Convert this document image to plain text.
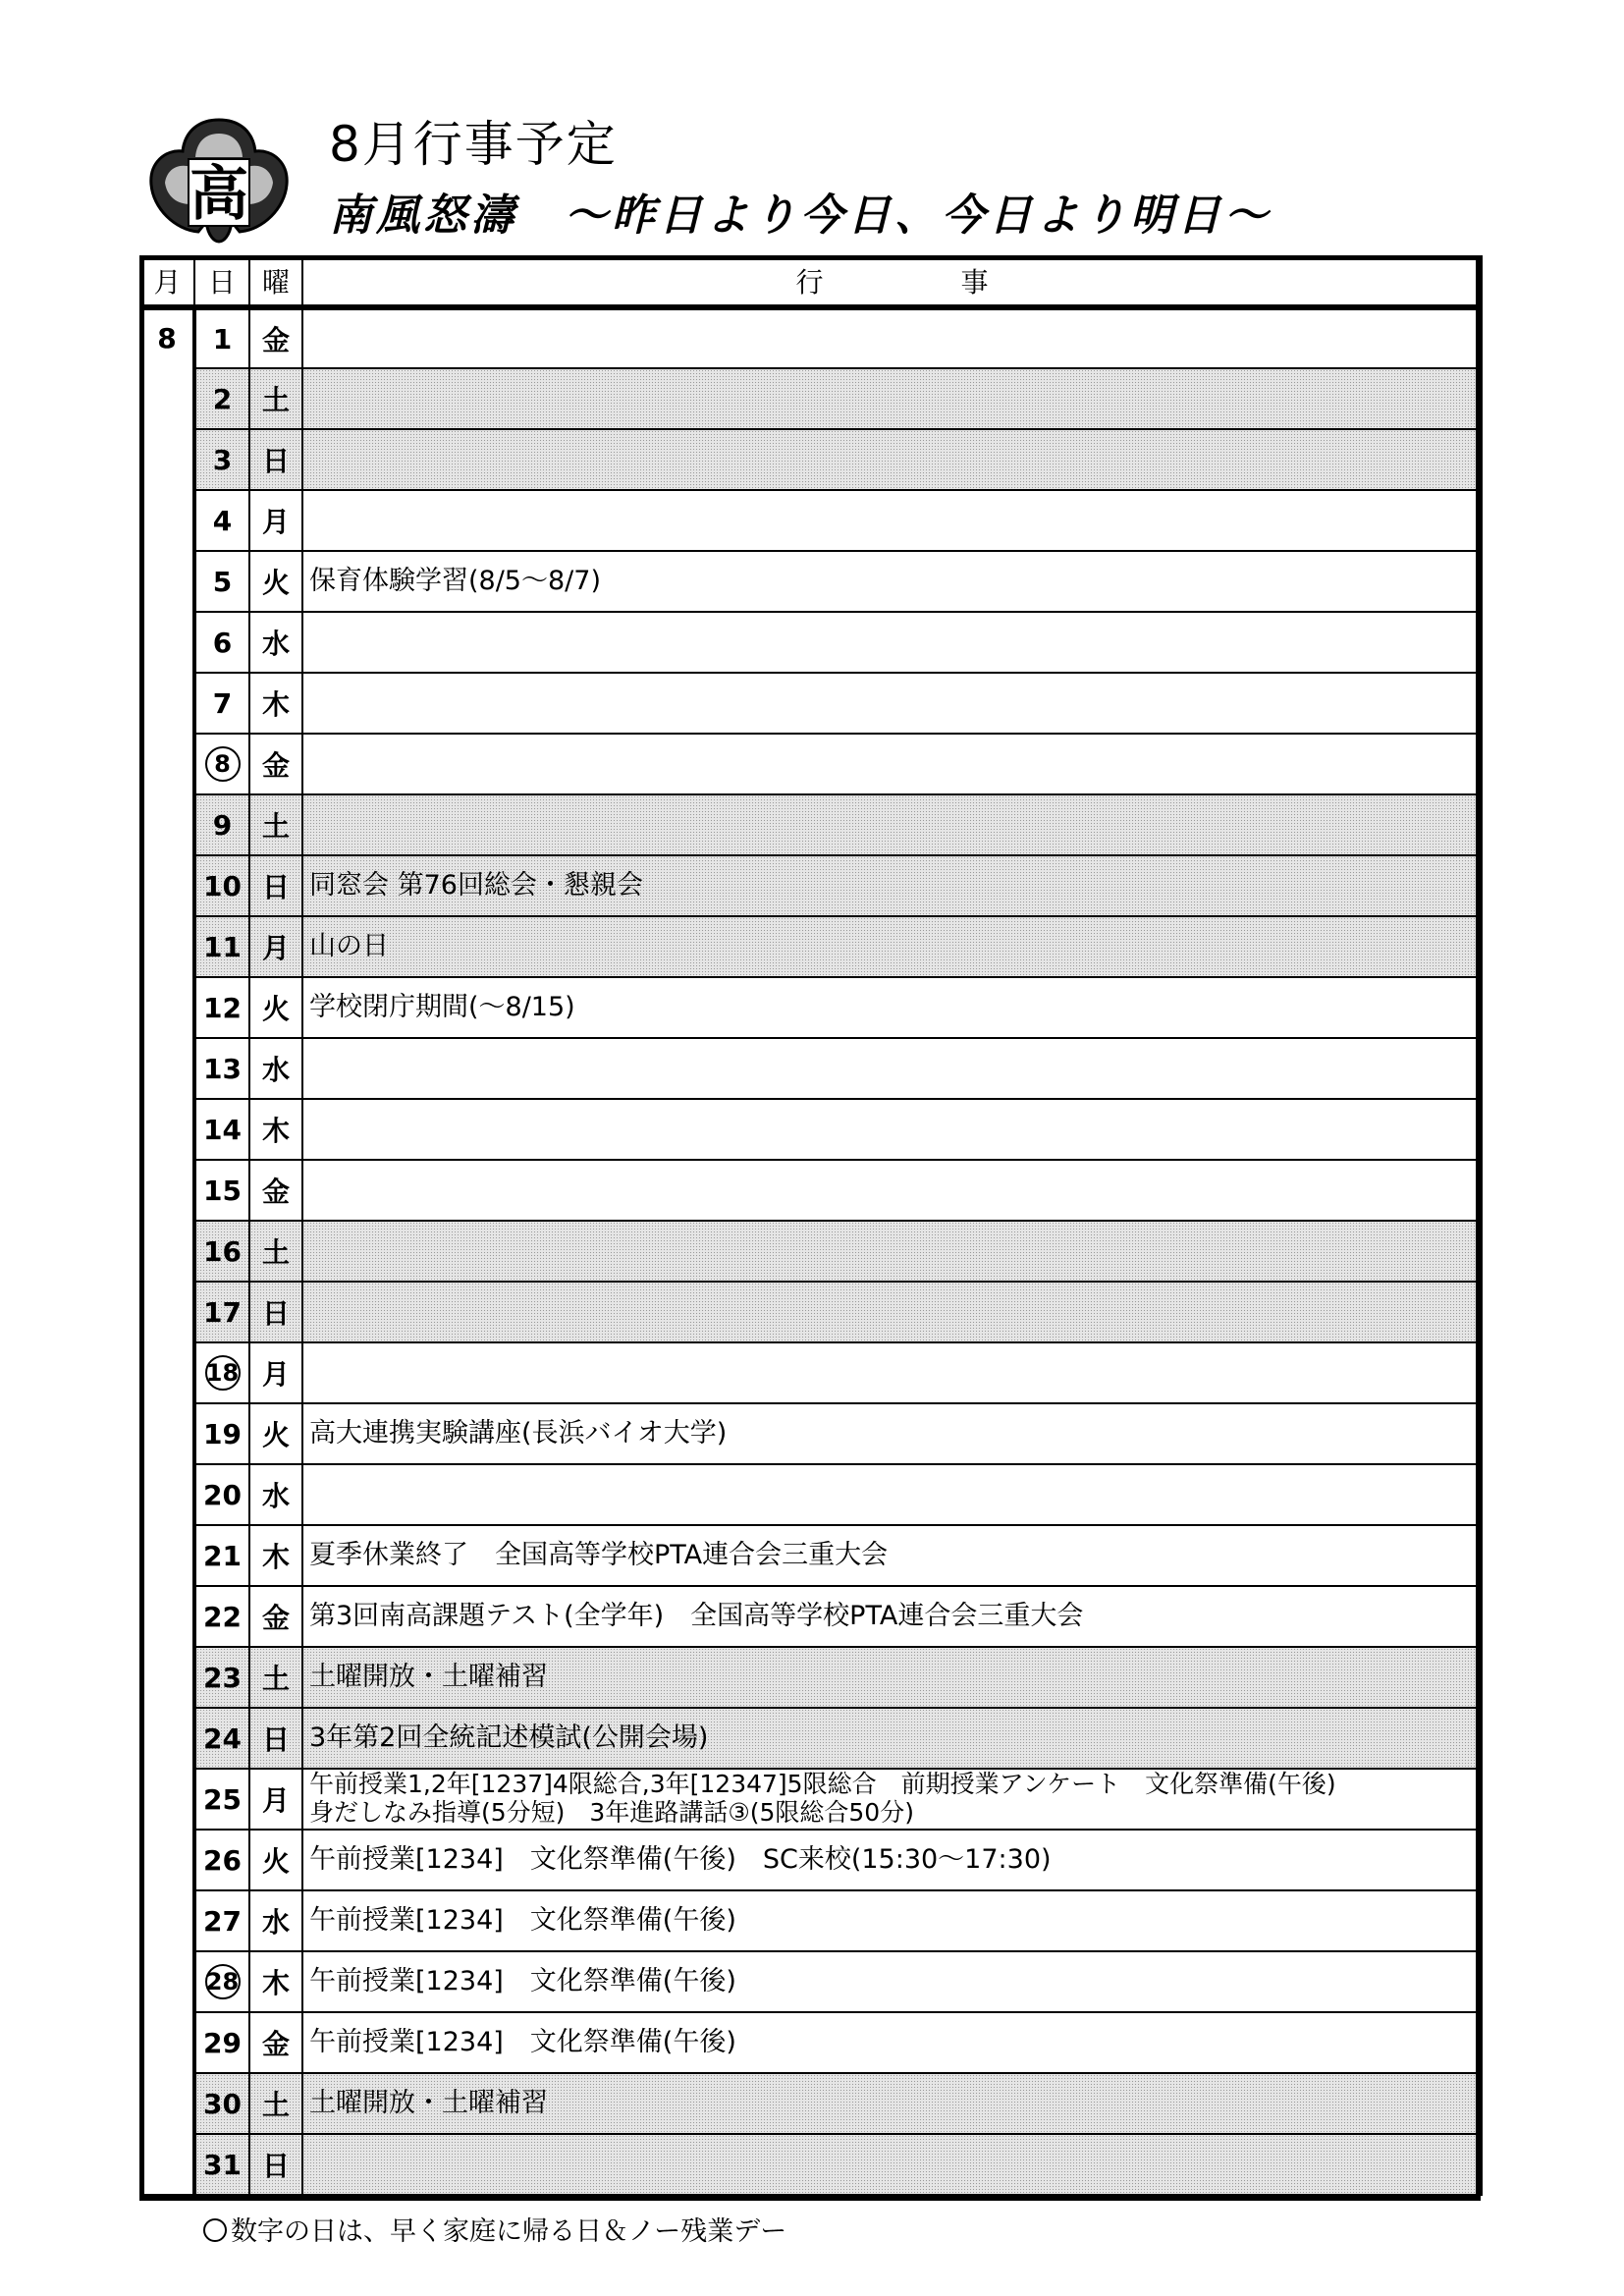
高
8月行事予定
南風怒濤　～昨日より今日、今日より明日～
月	日	曜	行　　　　　事
8	1	金	
	2	土	
	3	日	
	4	月	
	5	火	保育体験学習(8/5～8/7)
	6	水	
	7	木	
	8	金	
	9	土	
	10	日	同窓会 第76回総会・懇親会
	11	月	山の日
	12	火	学校閉庁期間(～8/15)
	13	水	
	14	木	
	15	金	
	16	土	
	17	日	
	18	月	
	19	火	高大連携実験講座(長浜バイオ大学)
	20	水	
	21	木	夏季休業終了　全国高等学校PTA連合会三重大会
	22	金	第3回南高課題テスト(全学年)　全国高等学校PTA連合会三重大会
	23	土	土曜開放・土曜補習
	24	日	3年第2回全統記述模試(公開会場)
	25	月	午前授業1,2年[1237]4限総合,3年[12347]5限総合　前期授業アンケート　文化祭準備(午後)
身だしなみ指導(5分短)　3年進路講話③(5限総合50分)

	26	火	午前授業[1234]　文化祭準備(午後)　SC来校(15:30～17:30)
	27	水	午前授業[1234]　文化祭準備(午後)
	28	木	午前授業[1234]　文化祭準備(午後)
	29	金	午前授業[1234]　文化祭準備(午後)
	30	土	土曜開放・土曜補習
	31	日	
数字の日は、早く家庭に帰る日＆ノー残業デー
